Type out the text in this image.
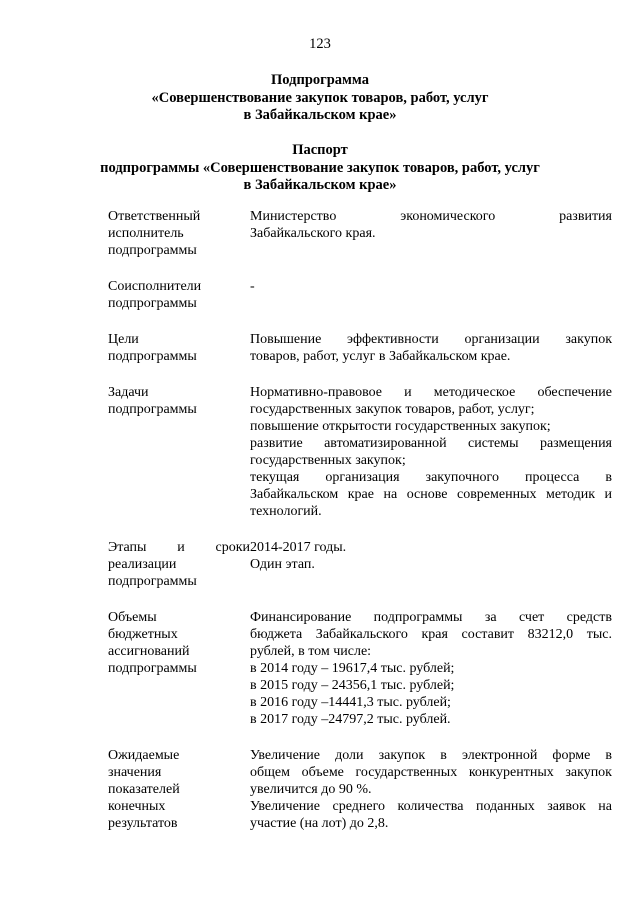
123
Подпрограмма
«Совершенствование закупок товаров, работ, услуг
в Забайкальском крае»
Паспорт
подпрограммы «Совершенствование закупок товаров, работ, услуг
в Забайкальском крае»
Ответственный
исполнитель
подпрограммы
Министерство экономического развития
Забайкальского края.
Соисполнители
подпрограммы
-
Цели
подпрограммы
Повышение эффективности организации закупок
товаров, работ, услуг в Забайкальском крае.
Задачи
подпрограммы
Нормативно-правовое и методическое обеспечение
государственных закупок товаров, работ, услуг;
повышение открытости государственных закупок;
развитие автоматизированной системы размещения
государственных закупок;
текущая организация закупочного процесса в
Забайкальском крае на основе современных методик и
технологий.
Этапы и сроки
реализации
подпрограммы
2014-2017 годы.
Один этап.
Объемы
бюджетных
ассигнований
подпрограммы
Финансирование подпрограммы за счет средств
бюджета Забайкальского края составит 83212,0 тыс.
рублей, в том числе:
в 2014 году – 19617,4 тыс. рублей;
в 2015 году – 24356,1 тыс. рублей;
в 2016 году –14441,3 тыс. рублей;
в 2017 году –24797,2 тыс. рублей.
Ожидаемые
значения
показателей
конечных
результатов
Увеличение доли закупок в электронной форме в
общем объеме государственных конкурентных закупок
увеличится до 90 %.
Увеличение среднего количества поданных заявок на
участие (на лот) до 2,8.
